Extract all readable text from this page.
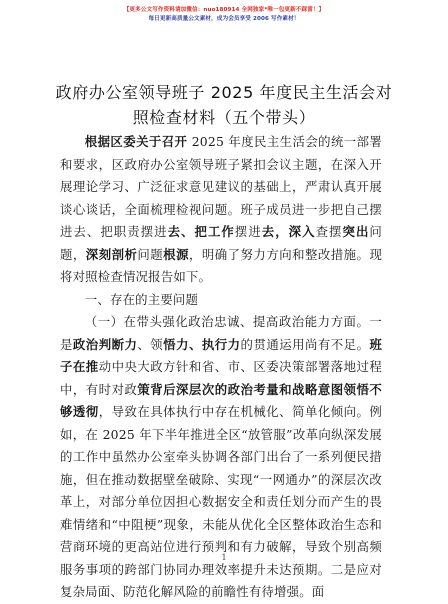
【更多公文写作资料请加微信：nuo180914 全网独家*唯一包更新不踩雷！】
每日更新高质量公文素材，成为会员享受 2006 写作素材！
政府办公室领导班子 2025 年度民主生活会对照检查材料（五个带头）

根据区委关于召开 2025 年度民主生活会的统一部署和要求，区政府办公室领导班子紧扣会议主题，在深入开展理论学习、广泛征求意见建议的基础上，严肃认真开展谈心谈话，全面梳理检视问题。班子成员进一步把自己摆进去、把职责摆进去、把工作摆进去，深入查摆突出问题，深刻剖析问题根源，明确了努力方向和整改措施。现将对照检查情况报告如下。

一、存在的主要问题

（一）在带头强化政治忠诚、提高政治能力方面。一是政治判断力、领悟力、执行力的贯通运用尚有不足。班子在推动中央大政方针和省、市、区委决策部署落地过程中，有时对政策背后深层次的政治考量和战略意图领悟不够透彻，导致在具体执行中存在机械化、简单化倾向。例如，在 2025 年下半年推进全区“放管服”改革向纵深发展的工作中虽然办公室牵头协调各部门出台了一系列便民措施，但在推动数据壁垒破除、实现“一网通办”的深层次改革上，对部分单位因担心数据安全和责任划分而产生的畏难情绪和“中阻梗”现象，未能从优化全区整体政治生态和营商环境的更高站位进行预判和有力破解，导致个别高频服务事项的跨部门协同办理效率提升未达预期。二是应对复杂局面、防范化解风险的前瞻性有待增强。面

1
